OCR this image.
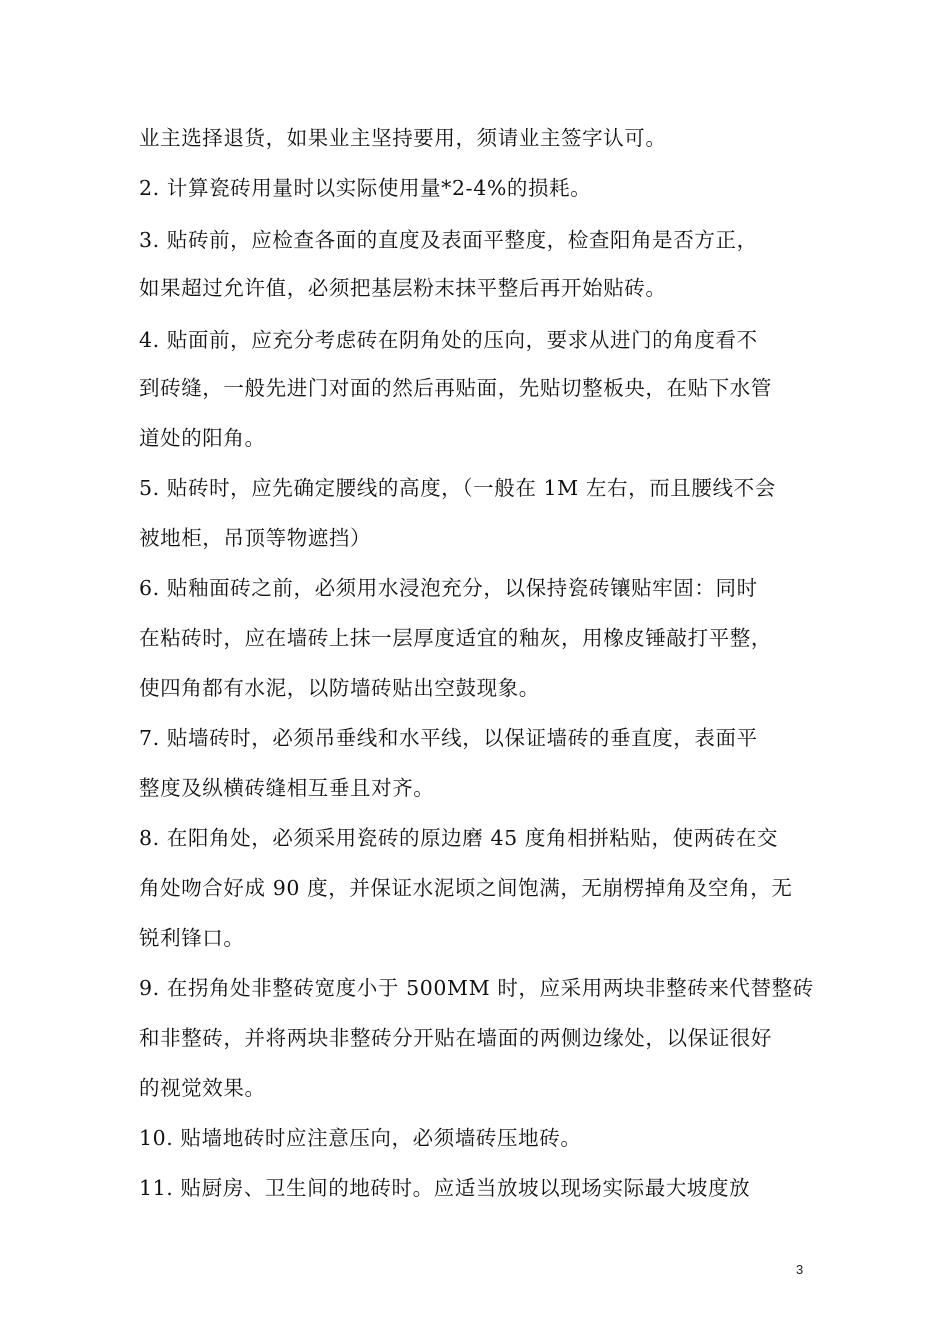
业主选择退货，如果业主坚持要用，须请业主签字认可。
2. 计算瓷砖用量时以实际使用量*2-4%的损耗。
3. 贴砖前，应检查各面的直度及表面平整度，检查阳角是否方正，
如果超过允许值，必须把基层粉末抹平整后再开始贴砖。
4. 贴面前，应充分考虑砖在阴角处的压向，要求从进门的角度看不
到砖缝，一般先进门对面的然后再贴面，先贴切整板央，在贴下水管
道处的阳角。
5. 贴砖时，应先确定腰线的高度，（一般在 1M 左右，而且腰线不会
被地柜，吊顶等物遮挡）
6. 贴釉面砖之前，必须用水浸泡充分，以保持瓷砖镶贴牢固：同时
在粘砖时，应在墙砖上抹一层厚度适宜的釉灰，用橡皮锤敲打平整，
使四角都有水泥，以防墙砖贴出空鼓现象。
7. 贴墙砖时，必须吊垂线和水平线，以保证墙砖的垂直度，表面平
整度及纵横砖缝相互垂且对齐。
8. 在阳角处，必须采用瓷砖的原边磨 45 度角相拼粘贴，使两砖在交
角处吻合好成 90 度，并保证水泥顷之间饱满，无崩楞掉角及空角，无
锐利锋口。
9. 在拐角处非整砖宽度小于 500MM 时，应采用两块非整砖来代替整砖
和非整砖，并将两块非整砖分开贴在墙面的两侧边缘处，以保证很好
的视觉效果。
10. 贴墙地砖时应注意压向，必须墙砖压地砖。
11. 贴厨房、卫生间的地砖时。应适当放坡以现场实际最大坡度放
3
